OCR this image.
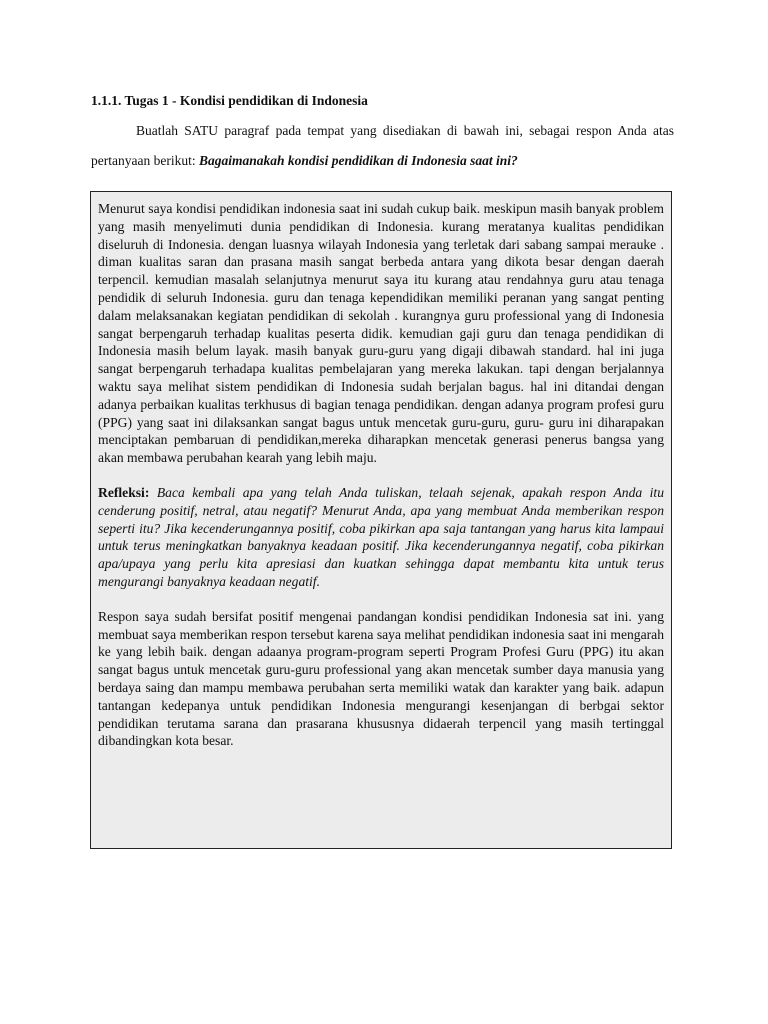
1.1.1. Tugas 1 - Kondisi pendidikan di Indonesia

Buatlah SATU paragraf pada tempat yang disediakan di bawah ini, sebagai respon Anda atas pertanyaan berikut: Bagaimanakah kondisi pendidikan di Indonesia saat ini?

Menurut saya kondisi pendidikan indonesia saat ini sudah cukup baik. meskipun masih banyak problem yang masih menyelimuti dunia pendidikan di Indonesia. kurang meratanya kualitas pendidikan diseluruh di Indonesia. dengan luasnya wilayah Indonesia yang terletak dari sabang sampai merauke . diman kualitas saran dan prasana masih sangat berbeda antara yang dikota besar dengan daerah terpencil. kemudian masalah selanjutnya menurut saya itu kurang atau rendahnya guru atau tenaga pendidik di seluruh Indonesia. guru dan tenaga kependidikan memiliki peranan yang sangat penting dalam melaksanakan kegiatan pendidikan di sekolah . kurangnya guru professional yang di Indonesia sangat berpengaruh terhadap kualitas peserta didik. kemudian gaji guru dan tenaga pendidikan di Indonesia masih belum layak. masih banyak guru-guru yang digaji dibawah standard. hal ini juga sangat berpengaruh terhadapa kualitas pembelajaran yang mereka lakukan. tapi dengan berjalannya waktu saya melihat sistem pendidikan di Indonesia sudah berjalan bagus. hal ini ditandai dengan adanya perbaikan kualitas terkhusus di bagian tenaga pendidikan. dengan adanya program profesi guru (PPG) yang saat ini dilaksankan sangat bagus untuk mencetak guru-guru, guru- guru ini diharapakan menciptakan pembaruan di pendidikan,mereka diharapkan mencetak generasi penerus bangsa yang akan membawa perubahan kearah yang lebih maju.

Refleksi: Baca kembali apa yang telah Anda tuliskan, telaah sejenak, apakah respon Anda itu cenderung positif, netral, atau negatif? Menurut Anda, apa yang membuat Anda memberikan respon seperti itu? Jika kecenderungannya positif, coba pikirkan apa saja tantangan yang harus kita lampaui untuk terus meningkatkan banyaknya keadaan positif. Jika kecenderungannya negatif, coba pikirkan apa/upaya yang perlu kita apresiasi dan kuatkan sehingga dapat membantu kita untuk terus mengurangi banyaknya keadaan negatif.

Respon saya sudah bersifat positif mengenai pandangan kondisi pendidikan Indonesia sat ini. yang membuat saya memberikan respon tersebut karena saya melihat pendidikan indonesia saat ini mengarah ke yang lebih baik. dengan adaanya program-program seperti Program Profesi Guru (PPG) itu akan sangat bagus untuk mencetak guru-guru professional yang akan mencetak sumber daya manusia yang berdaya saing dan mampu membawa perubahan serta memiliki watak dan karakter yang baik. adapun tantangan kedepanya untuk pendidikan Indonesia mengurangi kesenjangan di berbgai sektor pendidikan terutama sarana dan prasarana khususnya didaerah terpencil yang masih tertinggal dibandingkan kota besar.
